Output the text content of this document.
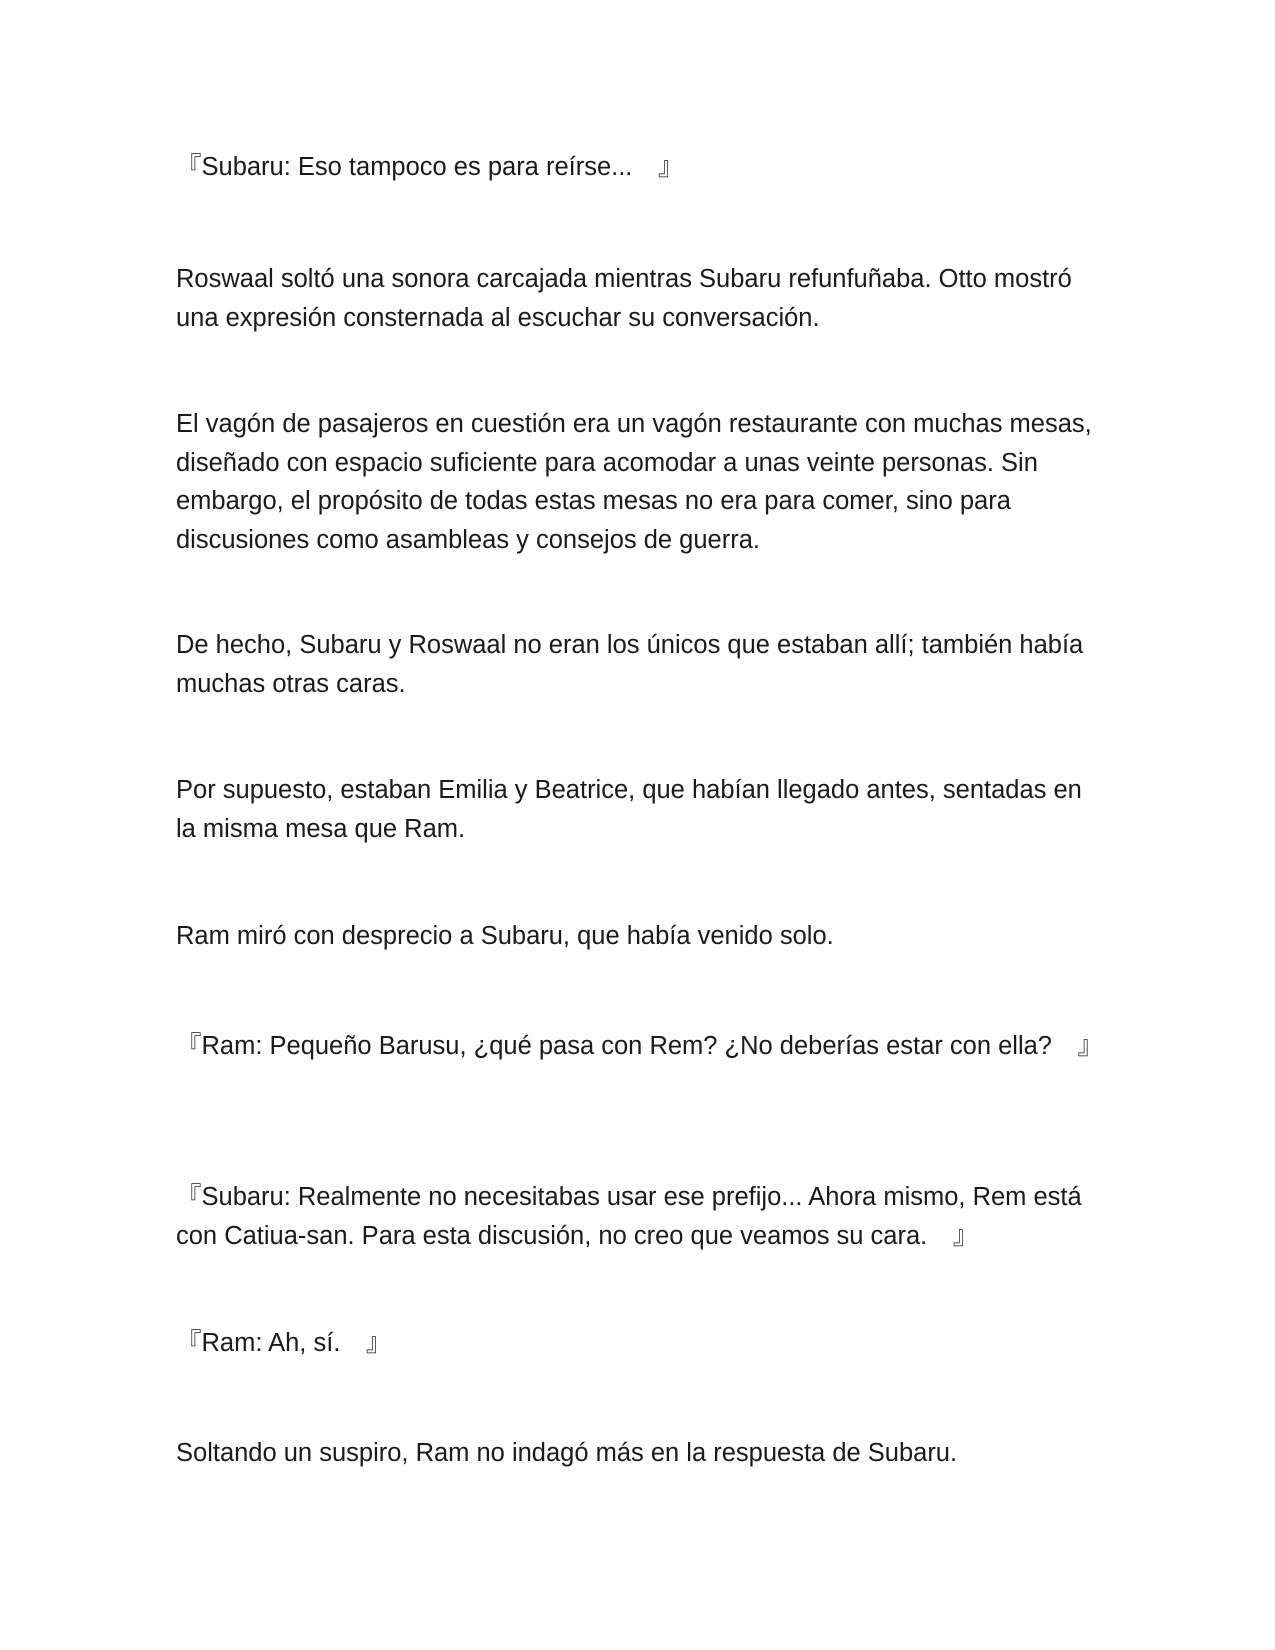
『Subaru: Eso tampoco es para reírse...　』

Roswaal soltó una sonora carcajada mientras Subaru refunfuñaba. Otto mostró una expresión consternada al escuchar su conversación.

El vagón de pasajeros en cuestión era un vagón restaurante con muchas mesas, diseñado con espacio suficiente para acomodar a unas veinte personas. Sin embargo, el propósito de todas estas mesas no era para comer, sino para discusiones como asambleas y consejos de guerra.

De hecho, Subaru y Roswaal no eran los únicos que estaban allí; también había muchas otras caras.

Por supuesto, estaban Emilia y Beatrice, que habían llegado antes, sentadas en la misma mesa que Ram.

Ram miró con desprecio a Subaru, que había venido solo.

『Ram: Pequeño Barusu, ¿qué pasa con Rem? ¿No deberías estar con ella?　』

『Subaru: Realmente no necesitabas usar ese prefijo... Ahora mismo, Rem está con Catiua-san. Para esta discusión, no creo que veamos su cara.　』

『Ram: Ah, sí.　』

Soltando un suspiro, Ram no indagó más en la respuesta de Subaru.
